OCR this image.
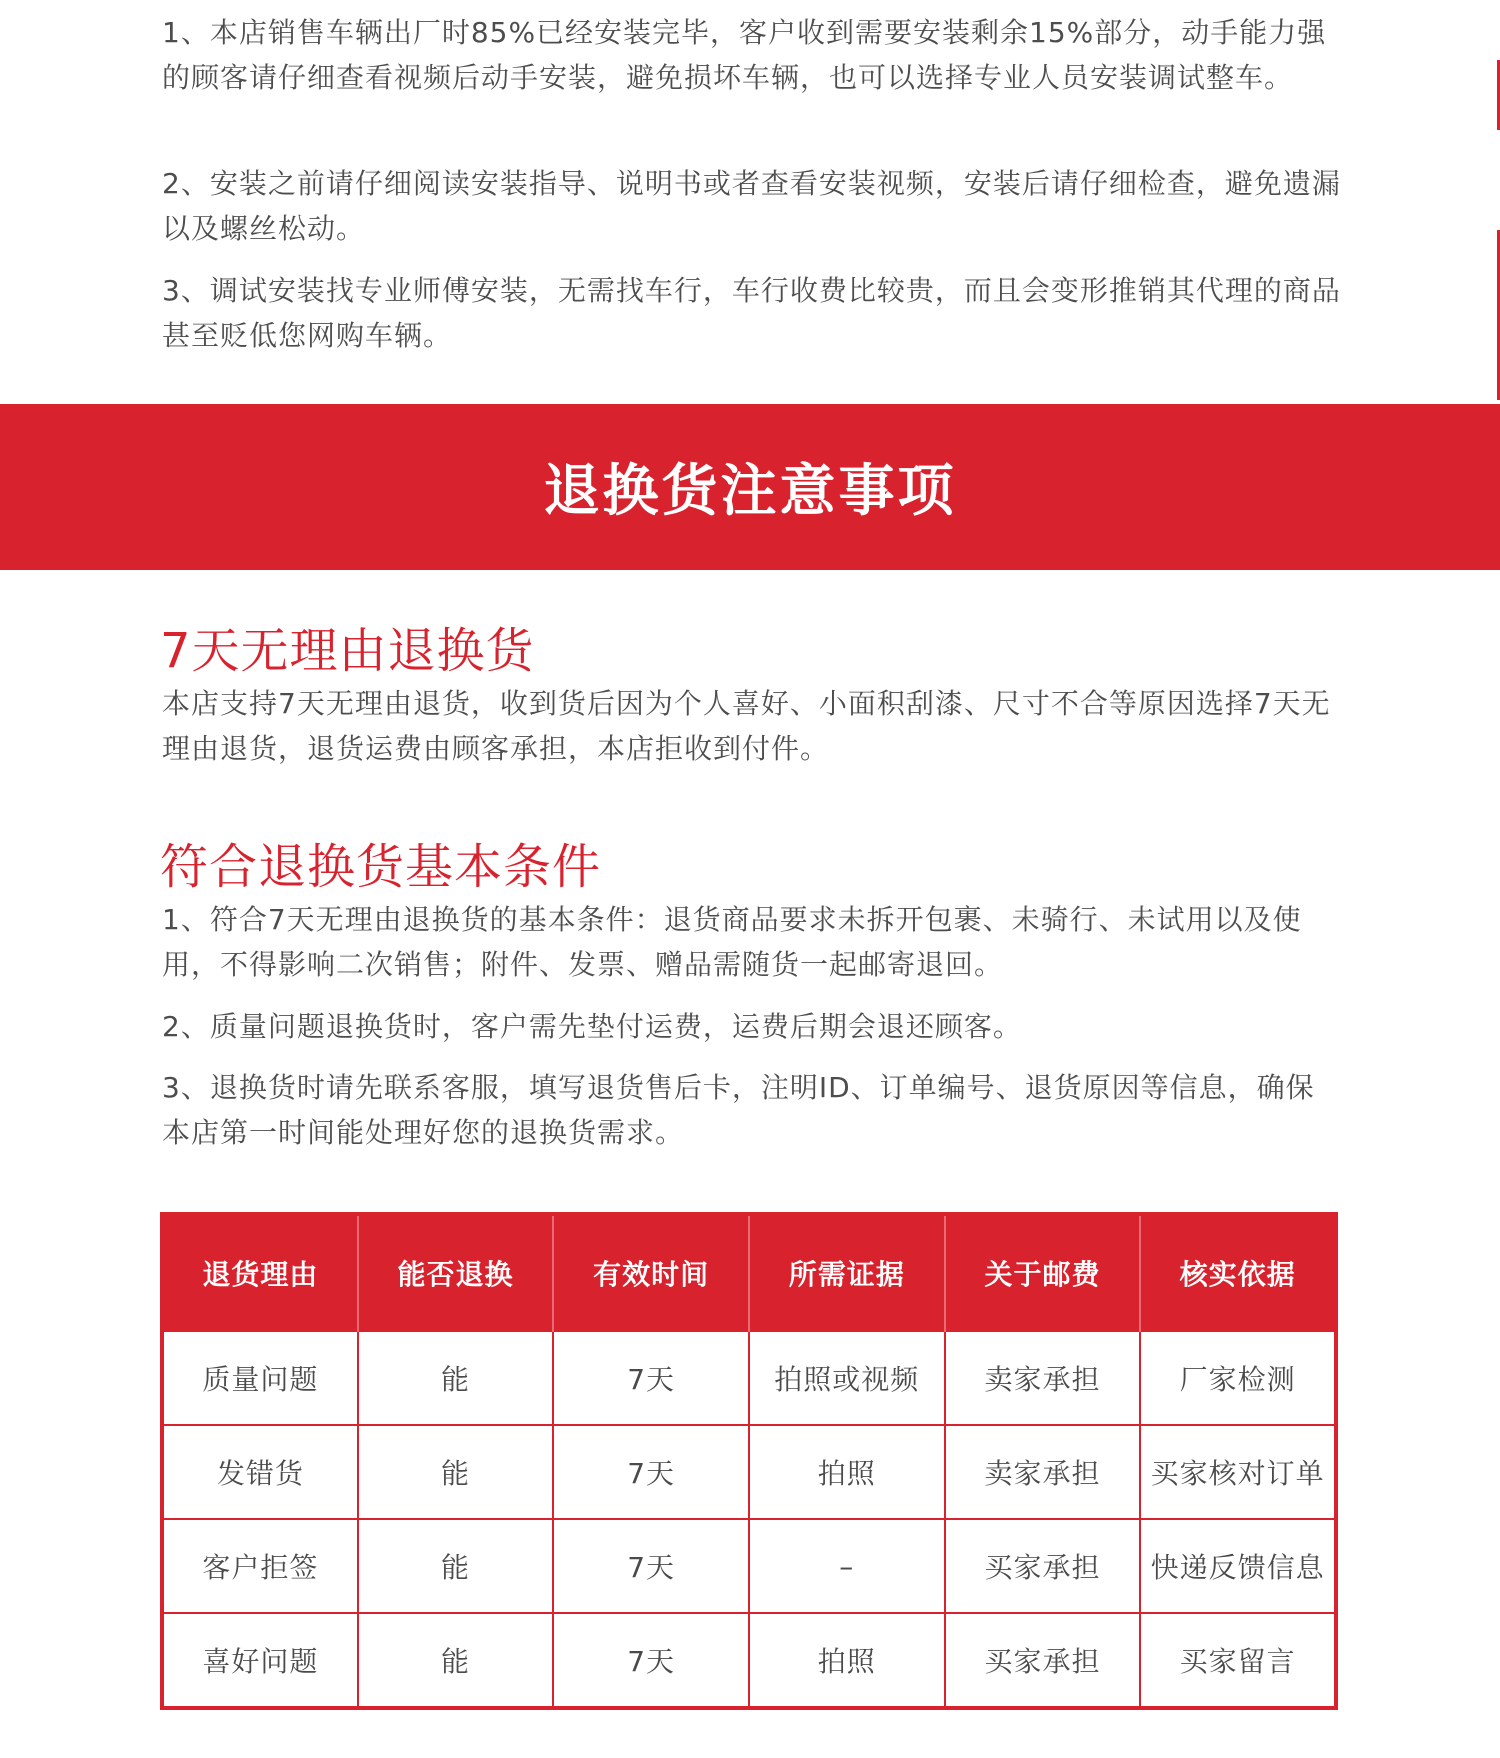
1、本店销售车辆出厂时85%已经安装完毕，客户收到需要安装剩余15%部分，动手能力强的顾客请仔细查看视频后动手安装，避免损坏车辆，也可以选择专业人员安装调试整车。

2、安装之前请仔细阅读安装指导、说明书或者查看安装视频，安装后请仔细检查，避免遗漏以及螺丝松动。

3、调试安装找专业师傅安装，无需找车行，车行收费比较贵，而且会变形推销其代理的商品甚至贬低您网购车辆。

退换货注意事项
7天无理由退换货

本店支持7天无理由退货，收到货后因为个人喜好、小面积刮漆、尺寸不合等原因选择7天无理由退货，退货运费由顾客承担，本店拒收到付件。

符合退换货基本条件

1、符合7天无理由退换货的基本条件：退货商品要求未拆开包裹、未骑行、未试用以及使用，不得影响二次销售；附件、发票、赠品需随货一起邮寄退回。

2、质量问题退换货时，客户需先垫付运费，运费后期会退还顾客。

3、退换货时请先联系客服，填写退货售后卡，注明ID、订单编号、退货原因等信息，确保本店第一时间能处理好您的退换货需求。

退货理由	能否退换	有效时间	所需证据	关于邮费	核实依据
质量问题	能	7天	拍照或视频	卖家承担	厂家检测
发错货	能	7天	拍照	卖家承担	买家核对订单
客户拒签	能	7天	–	买家承担	快递反馈信息
喜好问题	能	7天	拍照	买家承担	买家留言
